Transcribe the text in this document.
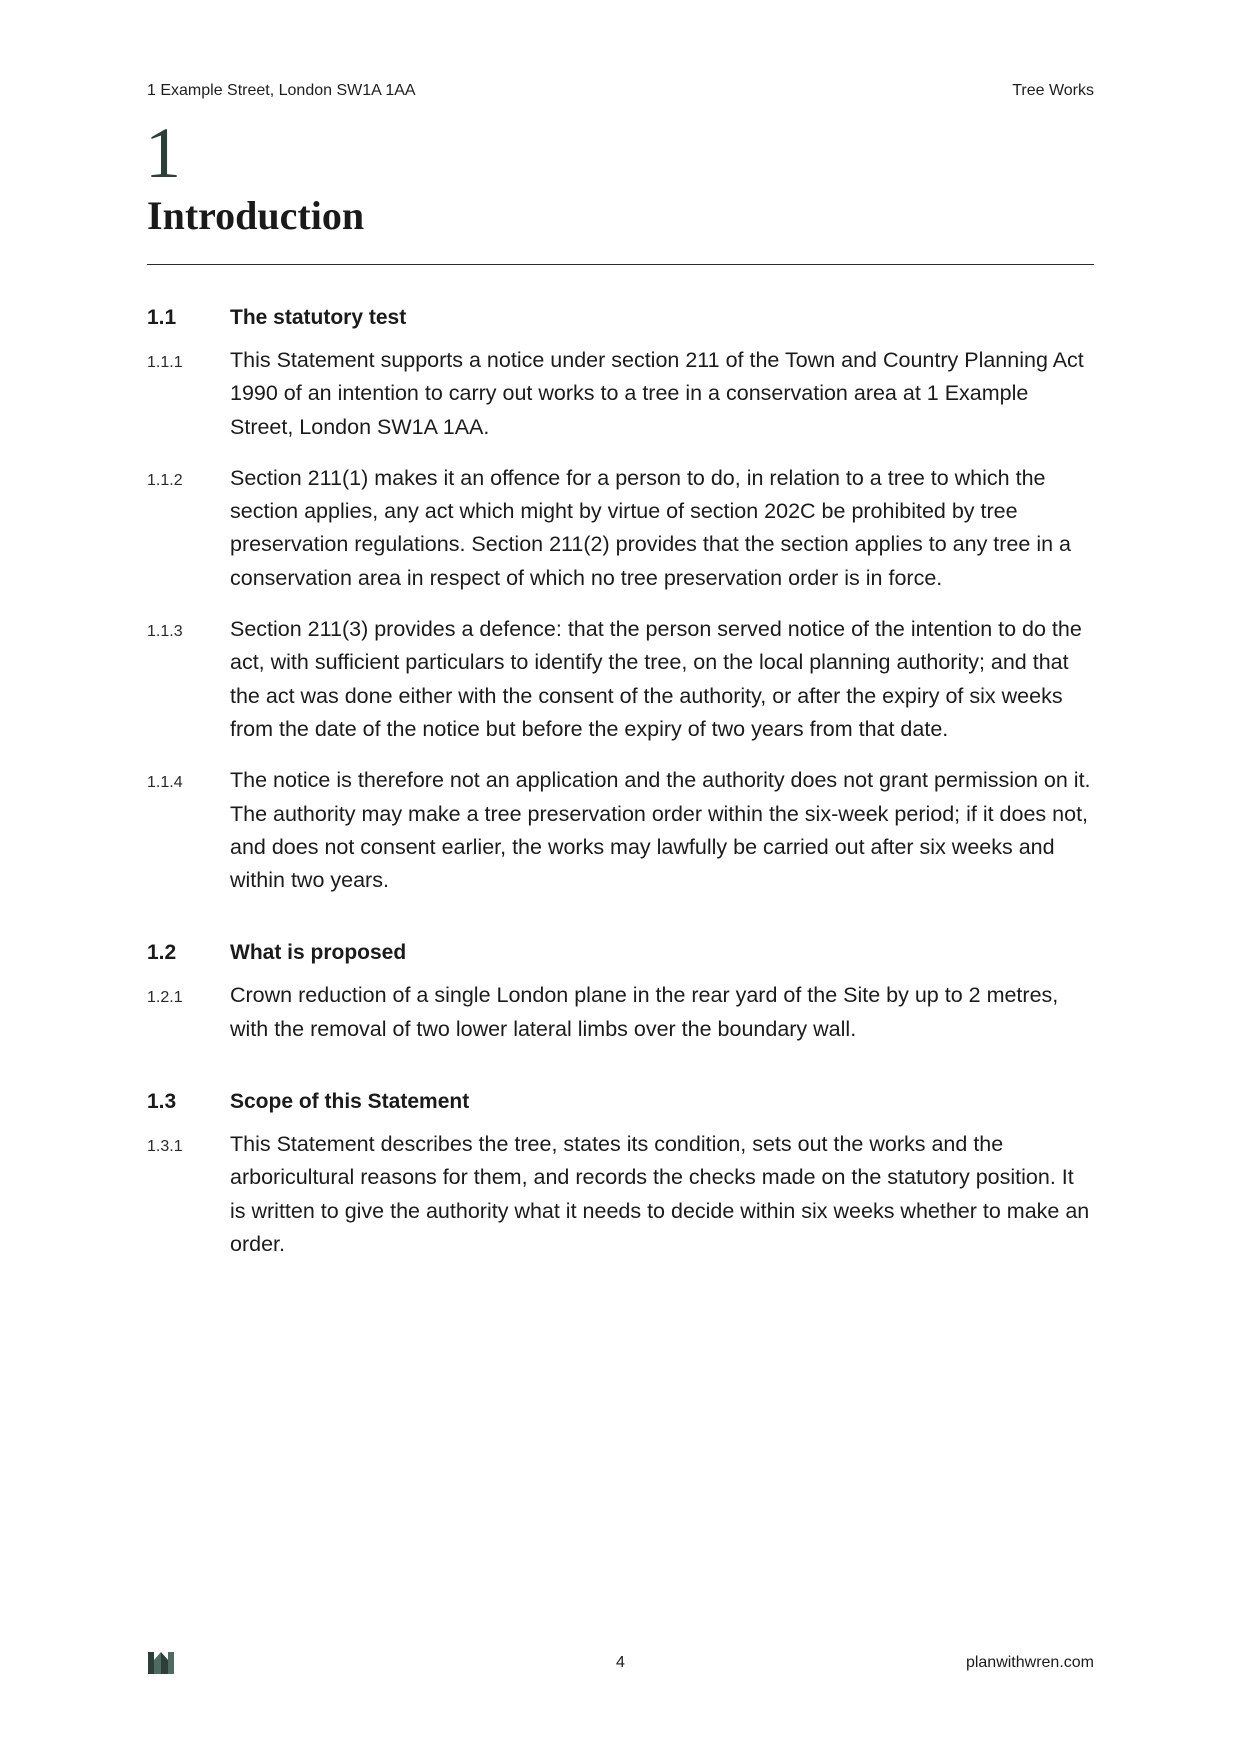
1 Example Street, London SW1A 1AA	Tree Works
1
Introduction
1.1	The statutory test
1.1.1	This Statement supports a notice under section 211 of the Town and Country Planning Act 1990 of an intention to carry out works to a tree in a conservation area at 1 Example Street, London SW1A 1AA.

1.1.2	Section 211(1) makes it an offence for a person to do, in relation to a tree to which the section applies, any act which might by virtue of section 202C be prohibited by tree preservation regulations. Section 211(2) provides that the section applies to any tree in a conservation area in respect of which no tree preservation order is in force.

1.1.3	Section 211(3) provides a defence: that the person served notice of the intention to do the act, with sufficient particulars to identify the tree, on the local planning authority; and that the act was done either with the consent of the authority, or after the expiry of six weeks from the date of the notice but before the expiry of two years from that date.

1.1.4	The notice is therefore not an application and the authority does not grant permission on it. The authority may make a tree preservation order within the six-week period; if it does not, and does not consent earlier, the works may lawfully be carried out after six weeks and within two years.

1.2	What is proposed
1.2.1	Crown reduction of a single London plane in the rear yard of the Site by up to 2 metres, with the removal of two lower lateral limbs over the boundary wall.

1.3	Scope of this Statement
1.3.1	This Statement describes the tree, states its condition, sets out the works and the arboricultural reasons for them, and records the checks made on the statutory position. It is written to give the authority what it needs to decide within six weeks whether to make an order.

4	planwithwren.com
